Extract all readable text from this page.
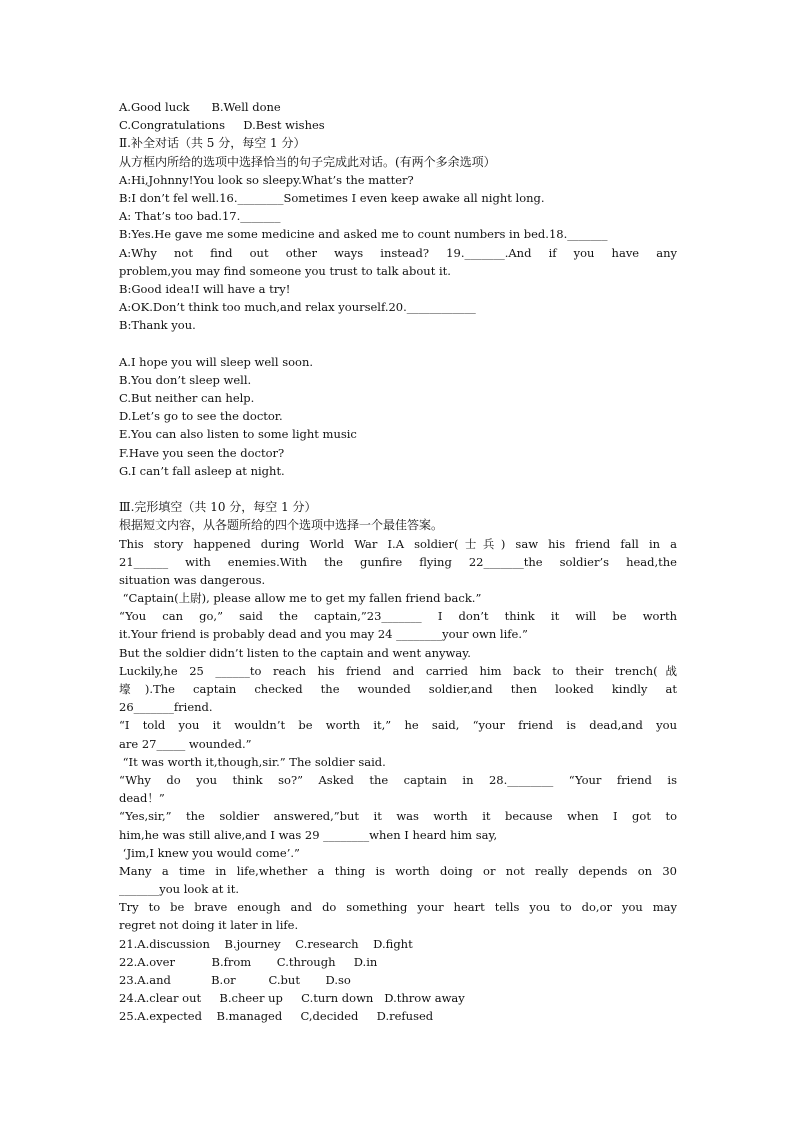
A.Good luck      B.Well done
C.Congratulations     D.Best wishes
Ⅱ.补全对话（共 5 分，每空 1 分）
从方框内所给的选项中选择恰当的句子完成此对话。(有两个多余选项）
A:Hi,Johnny!You look so sleepy.What’s the matter?
B:I don’t fel well.16.________Sometimes I even keep awake all night long.
A: That’s too bad.17._______
B:Yes.He gave me some medicine and asked me to count numbers in bed.18._______
A:Why not find out other ways instead? 19._______.And if you have any
problem,you may find someone you trust to talk about it.
B:Good idea!I will have a try!
A:OK.Don’t think too much,and relax yourself.20.____________
B:Thank you.
A.I hope you will sleep well soon.
B.You don’t sleep well.
C.But neither can help.
D.Let’s go to see the doctor.
E.You can also listen to some light music
F.Have you seen the doctor?
G.I can’t fall asleep at night.
Ⅲ.完形填空（共 10 分，每空 1 分）
根据短文内容，从各题所给的四个选项中选择一个最佳答案。
This story happened during World War I.A soldier(士兵) saw his friend fall in a
21______ with enemies.With the gunfire flying 22_______the soldier’s head,the
situation was dangerous.
“Captain(上尉), please allow me to get my fallen friend back.”
“You can go,” said the captain,”23_______ I don’t think it will be worth
it.Your friend is probably dead and you may 24 ________your own life.”
But the soldier didn’t listen to the captain and went anyway.
Luckily,he 25 ______to reach his friend and carried him back to their trench(战
壕).The captain checked the wounded soldier,and then looked kindly at
26_______friend.
“I told you it wouldn’t be worth it,” he said, “your friend is dead,and you
are 27_____ wounded.”
“It was worth it,though,sir.” The soldier said.
“Why do you think so?” Asked the captain in 28.________ “Your friend is
dead！”
“Yes,sir,” the soldier answered,”but it was worth it because when I got to
him,he was still alive,and I was 29 ________when I heard him say,
‘Jim,I knew you would come’.”
Many a time in life,whether a thing is worth doing or not really depends on 30
_______you look at it.
Try to be brave enough and do something your heart tells you to do,or you may
regret not doing it later in life.
21.A.discussion    B.journey    C.research    D.fight
22.A.over          B.from       C.through     D.in
23.A.and           B.or         C.but       D.so
24.A.clear out     B.cheer up     C.turn down   D.throw away
25.A.expected    B.managed     C,decided     D.refused
